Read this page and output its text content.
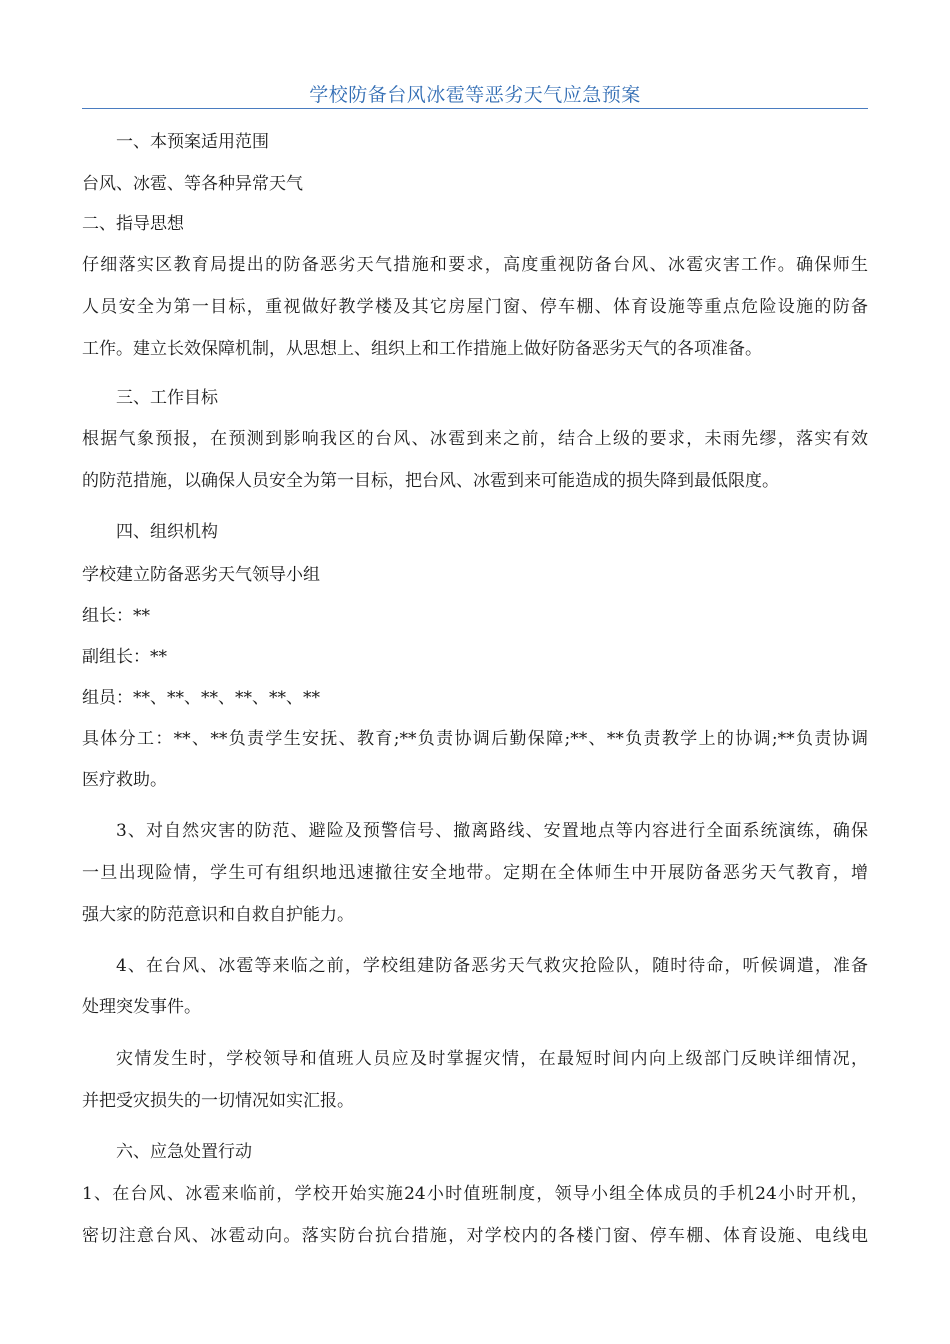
学校防备台风冰雹等恶劣天气应急预案
一、本预案适用范围
台风、冰雹、等各种异常天气
二、指导思想
仔细落实区教育局提出的防备恶劣天气措施和要求，高度重视防备台风、冰雹灾害工作。确保师生
人员安全为第一目标，重视做好教学楼及其它房屋门窗、停车棚、体育设施等重点危险设施的防备
工作。建立长效保障机制，从思想上、组织上和工作措施上做好防备恶劣天气的各项准备。
三、工作目标
根据气象预报，在预测到影响我区的台风、冰雹到来之前，结合上级的要求，未雨先缪，落实有效
的防范措施，以确保人员安全为第一目标，把台风、冰雹到来可能造成的损失降到最低限度。
四、组织机构
学校建立防备恶劣天气领导小组
组长：**
副组长：**
组员：**、**、**、**、**、**
具体分工：**、**负责学生安抚、教育;**负责协调后勤保障;**、**负责教学上的协调;**负责协调
医疗救助。
3、对自然灾害的防范、避险及预警信号、撤离路线、安置地点等内容进行全面系统演练，确保
一旦出现险情，学生可有组织地迅速撤往安全地带。定期在全体师生中开展防备恶劣天气教育，增
强大家的防范意识和自救自护能力。
4、在台风、冰雹等来临之前，学校组建防备恶劣天气救灾抢险队，随时待命，听候调遣，准备
处理突发事件。
灾情发生时，学校领导和值班人员应及时掌握灾情，在最短时间内向上级部门反映详细情况，
并把受灾损失的一切情况如实汇报。
六、应急处置行动
1、在台风、冰雹来临前，学校开始实施24小时值班制度，领导小组全体成员的手机24小时开机，
密切注意台风、冰雹动向。落实防台抗台措施，对学校内的各楼门窗、停车棚、体育设施、电线电
